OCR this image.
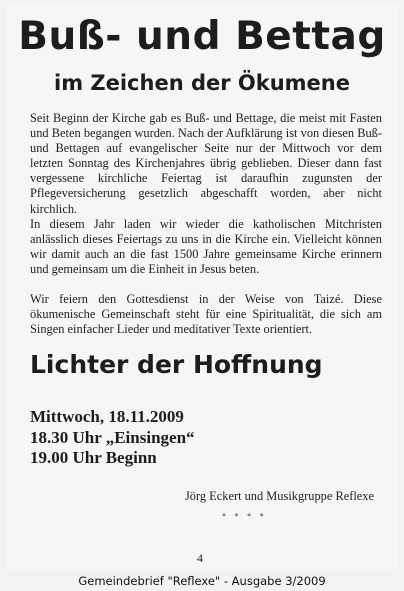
Buß- und Bettag
im Zeichen der Ökumene

Seit Beginn der Kirche gab es Buß- und Bettage, die meist mit Fasten und Beten begangen wurden. Nach der Aufklärung ist von diesen Buß- und Bettagen auf evangelischer Seite nur der Mittwoch vor dem letzten Sonntag des Kirchenjahres übrig geblieben. Dieser dann fast vergessene kirchliche Feiertag ist daraufhin zugunsten der Pflegeversicherung gesetzlich abgeschafft worden, aber nicht kirchlich.

In diesem Jahr laden wir wieder die katholischen Mitchristen anlässlich dieses Feiertags zu uns in die Kirche ein. Vielleicht können wir damit auch an die fast 1500 Jahre gemeinsame Kirche erinnern und gemeinsam um die Einheit in Jesus beten.

Wir feiern den Gottesdienst in der Weise von Taizé. Diese ökumenische Gemeinschaft steht für eine Spiritualität, die sich am Singen einfacher Lieder und meditativer Texte orientiert.

Lichter der Hoffnung

Mittwoch, 18.11.2009

18.30 Uhr „Einsingen“

19.00 Uhr Beginn

Jörg Eckert und Musikgruppe Reflexe

* * * *

4

Gemeindebrief "Reflexe" - Ausgabe 3/2009
